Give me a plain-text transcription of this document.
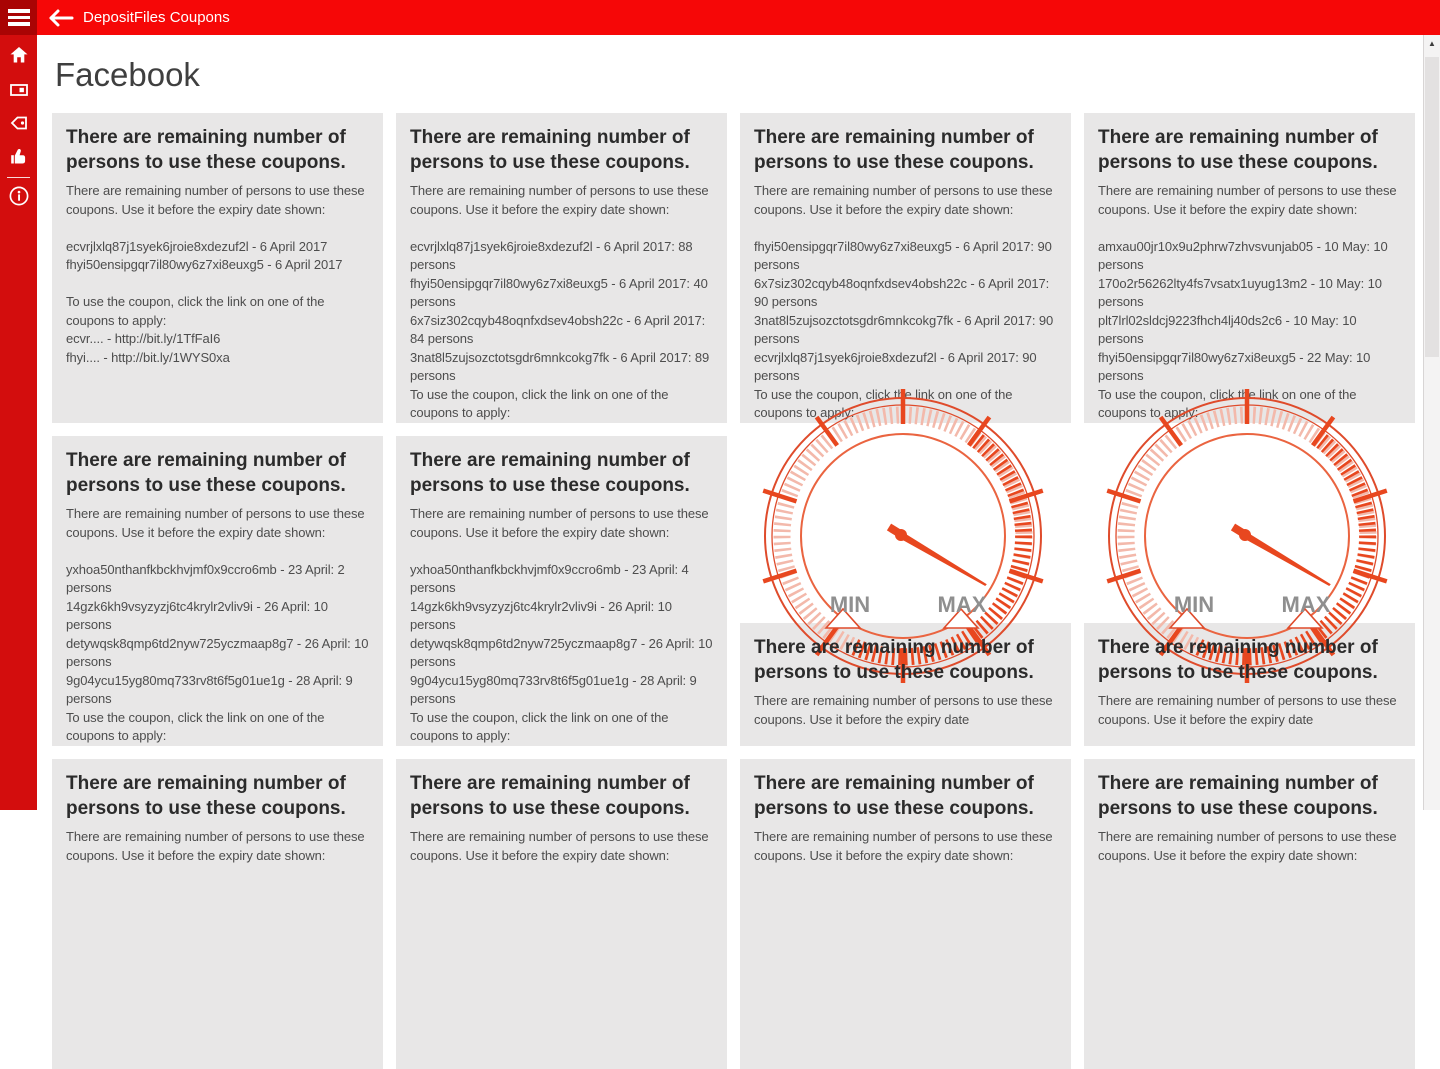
DepositFiles Coupons
Facebook
There are remaining number of persons to use these coupons.
There are remaining number of persons to use these coupons. Use it before the expiry date shown:

ecvrjlxlq87j1syek6jroie8xdezuf2l - 6 April 2017
fhyi50ensipgqr7il80wy6z7xi8euxg5 - 6 April 2017

To use the coupon, click the link on one of the coupons to apply:
ecvr.... - http://bit.ly/1TfFaI6
fhyi.... - http://bit.ly/1WYS0xa
There are remaining number of persons to use these coupons.
There are remaining number of persons to use these coupons. Use it before the expiry date shown:

ecvrjlxlq87j1syek6jroie8xdezuf2l - 6 April 2017: 88 persons
fhyi50ensipgqr7il80wy6z7xi8euxg5 - 6 April 2017: 40 persons
6x7siz302cqyb48oqnfxdsev4obsh22c - 6 April 2017: 84 persons
3nat8l5zujsozctotsgdr6mnkcokg7fk - 6 April 2017: 89 persons
To use the coupon, click the link on one of the coupons to apply:
There are remaining number of persons to use these coupons.
There are remaining number of persons to use these coupons. Use it before the expiry date shown:

fhyi50ensipgqr7il80wy6z7xi8euxg5 - 6 April 2017: 90 persons
6x7siz302cqyb48oqnfxdsev4obsh22c - 6 April 2017: 90 persons
3nat8l5zujsozctotsgdr6mnkcokg7fk - 6 April 2017: 90 persons
ecvrjlxlq87j1syek6jroie8xdezuf2l - 6 April 2017: 90 persons
To use the coupon, click the link on one of the coupons to apply:
There are remaining number of persons to use these coupons.
There are remaining number of persons to use these coupons. Use it before the expiry date shown:

amxau00jr10x9u2phrw7zhvsvunjab05 - 10 May: 10 persons
170o2r56262lty4fs7vsatx1uyug13m2 - 10 May: 10 persons
plt7lrl02sldcj9223fhch4lj40ds2c6 - 10 May: 10 persons
fhyi50ensipgqr7il80wy6z7xi8euxg5 - 22 May: 10 persons
To use the coupon, click the link on one of the coupons to apply:
There are remaining number of persons to use these coupons.
There are remaining number of persons to use these coupons. Use it before the expiry date shown:

yxhoa50nthanfkbckhvjmf0x9ccro6mb - 23 April: 2 persons
14gzk6kh9vsyzyzj6tc4krylr2vliv9i - 26 April: 10 persons
detywqsk8qmp6td2nyw725yczmaap8g7 - 26 April: 10 persons
9g04ycu15yg80mq733rv8t6f5g01ue1g - 28 April: 9 persons
To use the coupon, click the link on one of the coupons to apply:
There are remaining number of persons to use these coupons.
There are remaining number of persons to use these coupons. Use it before the expiry date shown:

yxhoa50nthanfkbckhvjmf0x9ccro6mb - 23 April: 4 persons
14gzk6kh9vsyzyzj6tc4krylr2vliv9i - 26 April: 10 persons
detywqsk8qmp6td2nyw725yczmaap8g7 - 26 April: 10 persons
9g04ycu15yg80mq733rv8t6f5g01ue1g - 28 April: 9 persons
To use the coupon, click the link on one of the coupons to apply:
MIN	MAX
There are remaining number of persons to use these coupons.
There are remaining number of persons to use these coupons. Use it before the expiry date
MIN	MAX
There are remaining number of persons to use these coupons.
There are remaining number of persons to use these coupons. Use it before the expiry date
There are remaining number of persons to use these coupons.
There are remaining number of persons to use these coupons. Use it before the expiry date shown:
There are remaining number of persons to use these coupons.
There are remaining number of persons to use these coupons. Use it before the expiry date shown:
There are remaining number of persons to use these coupons.
There are remaining number of persons to use these coupons. Use it before the expiry date shown:
There are remaining number of persons to use these coupons.
There are remaining number of persons to use these coupons. Use it before the expiry date shown:
▲
